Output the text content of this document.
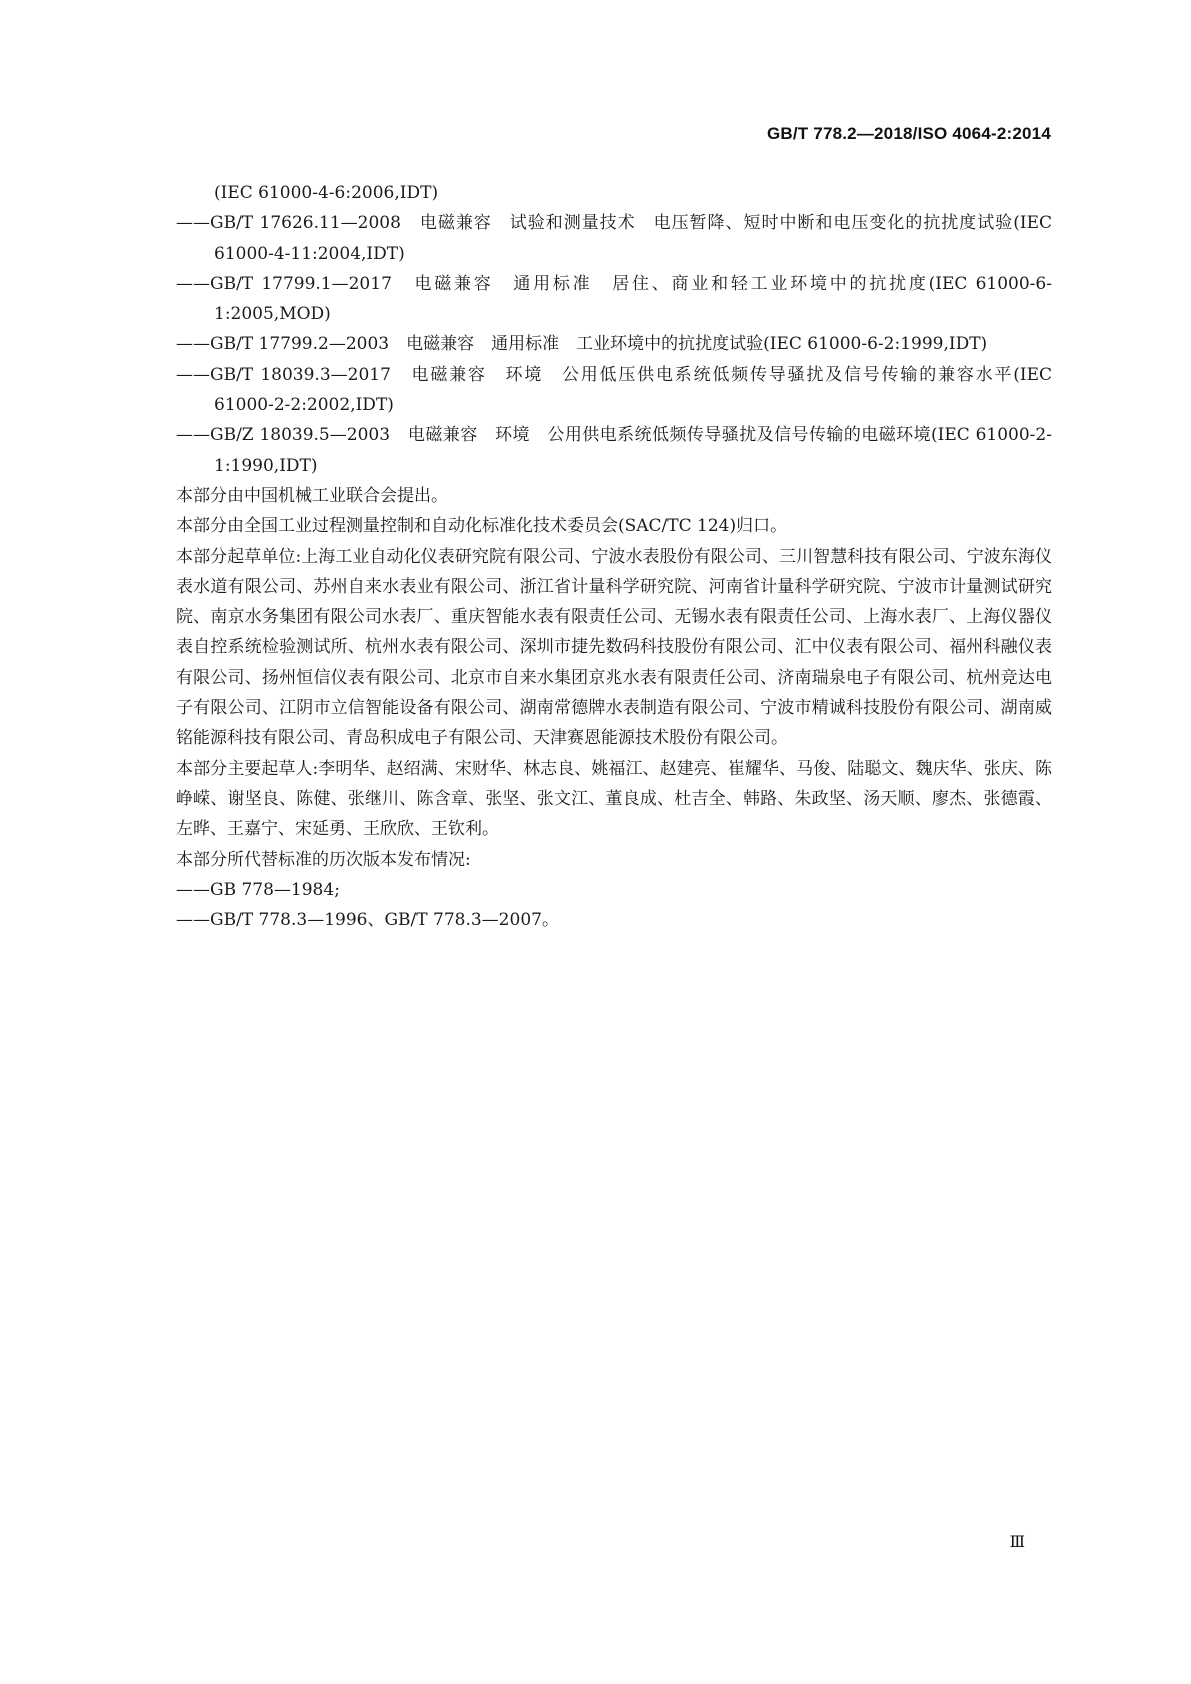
GB/T 778.2—2018/ISO 4064-2:2014
(IEC 61000-4-6:2006,IDT)
——GB/T 17626.11—2008　电磁兼容　试验和测量技术　电压暂降、短时中断和电压变化的抗扰度试验(IEC 61000-4-11:2004,IDT)
——GB/T 17799.1—2017　电磁兼容　通用标准　居住、商业和轻工业环境中的抗扰度(IEC 61000-6-1:2005,MOD)
——GB/T 17799.2—2003　电磁兼容　通用标准　工业环境中的抗扰度试验(IEC 61000-6-2:1999,IDT)
——GB/T 18039.3—2017　电磁兼容　环境　公用低压供电系统低频传导骚扰及信号传输的兼容水平(IEC 61000-2-2:2002,IDT)
——GB/Z 18039.5—2003　电磁兼容　环境　公用供电系统低频传导骚扰及信号传输的电磁环境(IEC 61000-2-1:1990,IDT)
本部分由中国机械工业联合会提出。
本部分由全国工业过程测量控制和自动化标准化技术委员会(SAC/TC 124)归口。
本部分起草单位:上海工业自动化仪表研究院有限公司、宁波水表股份有限公司、三川智慧科技有限公司、宁波东海仪表水道有限公司、苏州自来水表业有限公司、浙江省计量科学研究院、河南省计量科学研究院、宁波市计量测试研究院、南京水务集团有限公司水表厂、重庆智能水表有限责任公司、无锡水表有限责任公司、上海水表厂、上海仪器仪表自控系统检验测试所、杭州水表有限公司、深圳市捷先数码科技股份有限公司、汇中仪表有限公司、福州科融仪表有限公司、扬州恒信仪表有限公司、北京市自来水集团京兆水表有限责任公司、济南瑞泉电子有限公司、杭州竞达电子有限公司、江阴市立信智能设备有限公司、湖南常德牌水表制造有限公司、宁波市精诚科技股份有限公司、湖南威铭能源科技有限公司、青岛积成电子有限公司、天津赛恩能源技术股份有限公司。
本部分主要起草人:李明华、赵绍满、宋财华、林志良、姚福江、赵建亮、崔耀华、马俊、陆聪文、魏庆华、张庆、陈峥嵘、谢坚良、陈健、张继川、陈含章、张坚、张文江、董良成、杜吉全、韩路、朱政坚、汤天顺、廖杰、张德霞、左晔、王嘉宁、宋延勇、王欣欣、王钦利。
本部分所代替标准的历次版本发布情况:
——GB 778—1984;
——GB/T 778.3—1996、GB/T 778.3—2007。
Ⅲ
